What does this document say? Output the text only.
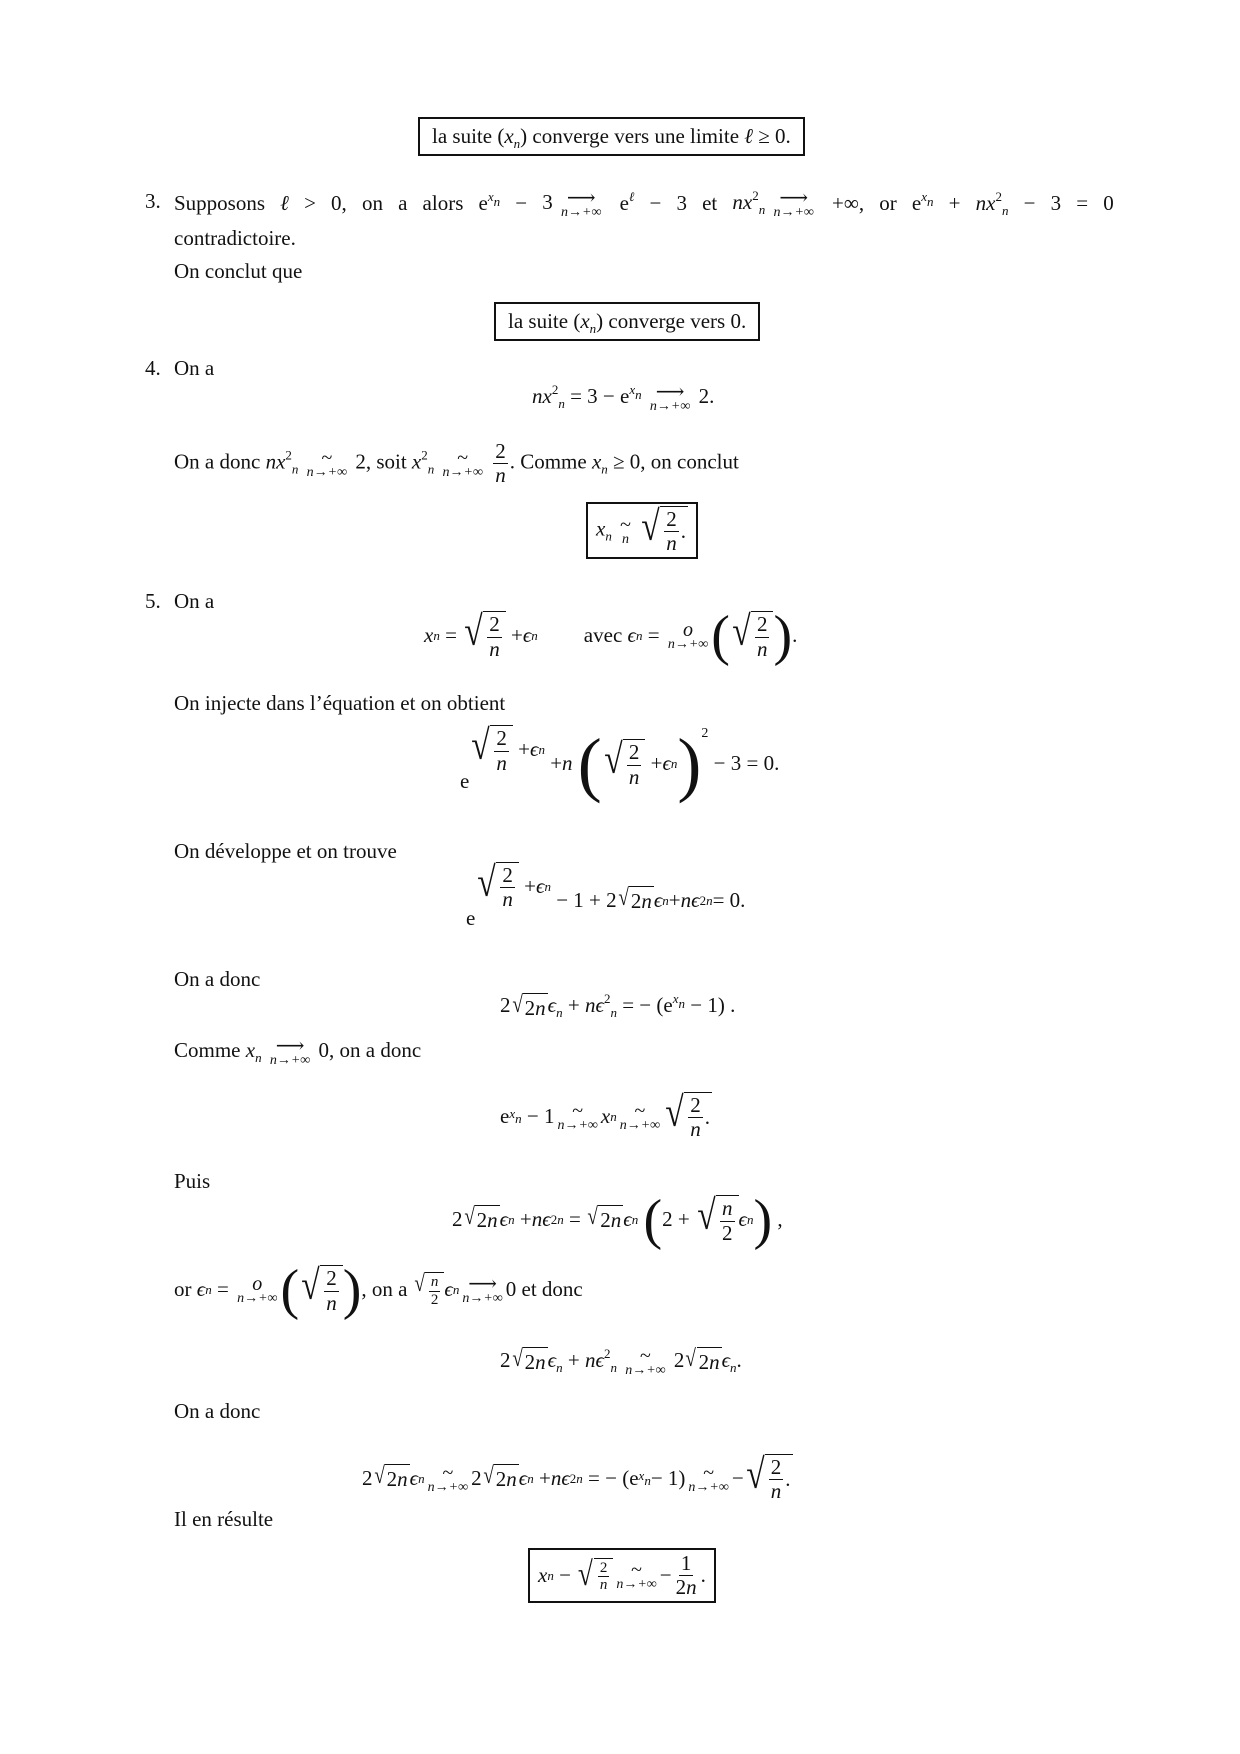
la suite $(x_n)$ converge vers une limite ℓ ≥ 0.
3. Supposons ℓ > 0, on a alors $e^{x_n} - 3$ ⟶
n→+∞ $e^\ell - 3$ et $nx^2_n$
⟶
n→+∞ +∞, or $e^{x_n} + nx^2_n - 3 = 0$
contradictoire.
On conclut que
la suite $(x_n)$ converge vers 0.
4. On a
$nx^2_n = 3 - e^{x_n}$ ⟶
n→+∞ 2.
On a donc $nx^2_n$
~
n→+∞ 2, soit $x^2_n$
~
n→+∞
$\frac{2}{n}$ . Comme $x_n \ge 0$, on conclut
$x_n$
~
n
√ $\frac{2}{n}$ .
5. On a
x n = √ $\frac{2}{n} + \epsilon$ n avec
ϵ n = o
n→+∞ ( √ $\frac{2}{n}$ ) .
On injecte dans l’équation et on obtient
e
√ $\frac{2}{n} + \epsilon$ n
+ n
( √ $\frac{2}{n} + \epsilon$ n ) 2
− 3 = 0.
On développe et on trouve
e
√ $\frac{2}{n} + \epsilon$ n
− 1 + 2 √ 2 n ϵ n + nϵ 2 n = 0.
On a donc
2 √ 2 n $\epsilon_n + n\epsilon^2_n$ = − $(e^{x_n} - 1)$ .
Comme $x_n$
⟶
n→+∞ 0, on a donc
e $x_n - 1$ ~
n→+∞ x n ~
n→+∞ √ $\frac{2}{n}$ .
Puis
2 √ 2 n ϵ n + nϵ 2 n = √ 2 n ϵ n
( 2 + √ $\frac{n}{2}$ ϵ n ) ,
or
ϵ n = o
n→+∞ ( √ $\frac{2}{n}$ ) , on a
√ $\frac{n}{2}$ ϵ n ⟶
n→+∞ 0 et donc
2 √ 2 n $\epsilon_n + n\epsilon^2_n$
~
n→+∞ 2 √ 2 n $\epsilon_n$.
On a donc
2 √ 2 n ϵ n ~
n→+∞ 2 √ 2 n ϵ n + nϵ 2 n = − (e $x_n - 1$) ~
n→+∞ − √ $\frac{2}{n}$ .
Il en résulte
x n − √ $\frac{2}{n}$ ~
$n\to+\infty - \frac{1}{2n}$ .
